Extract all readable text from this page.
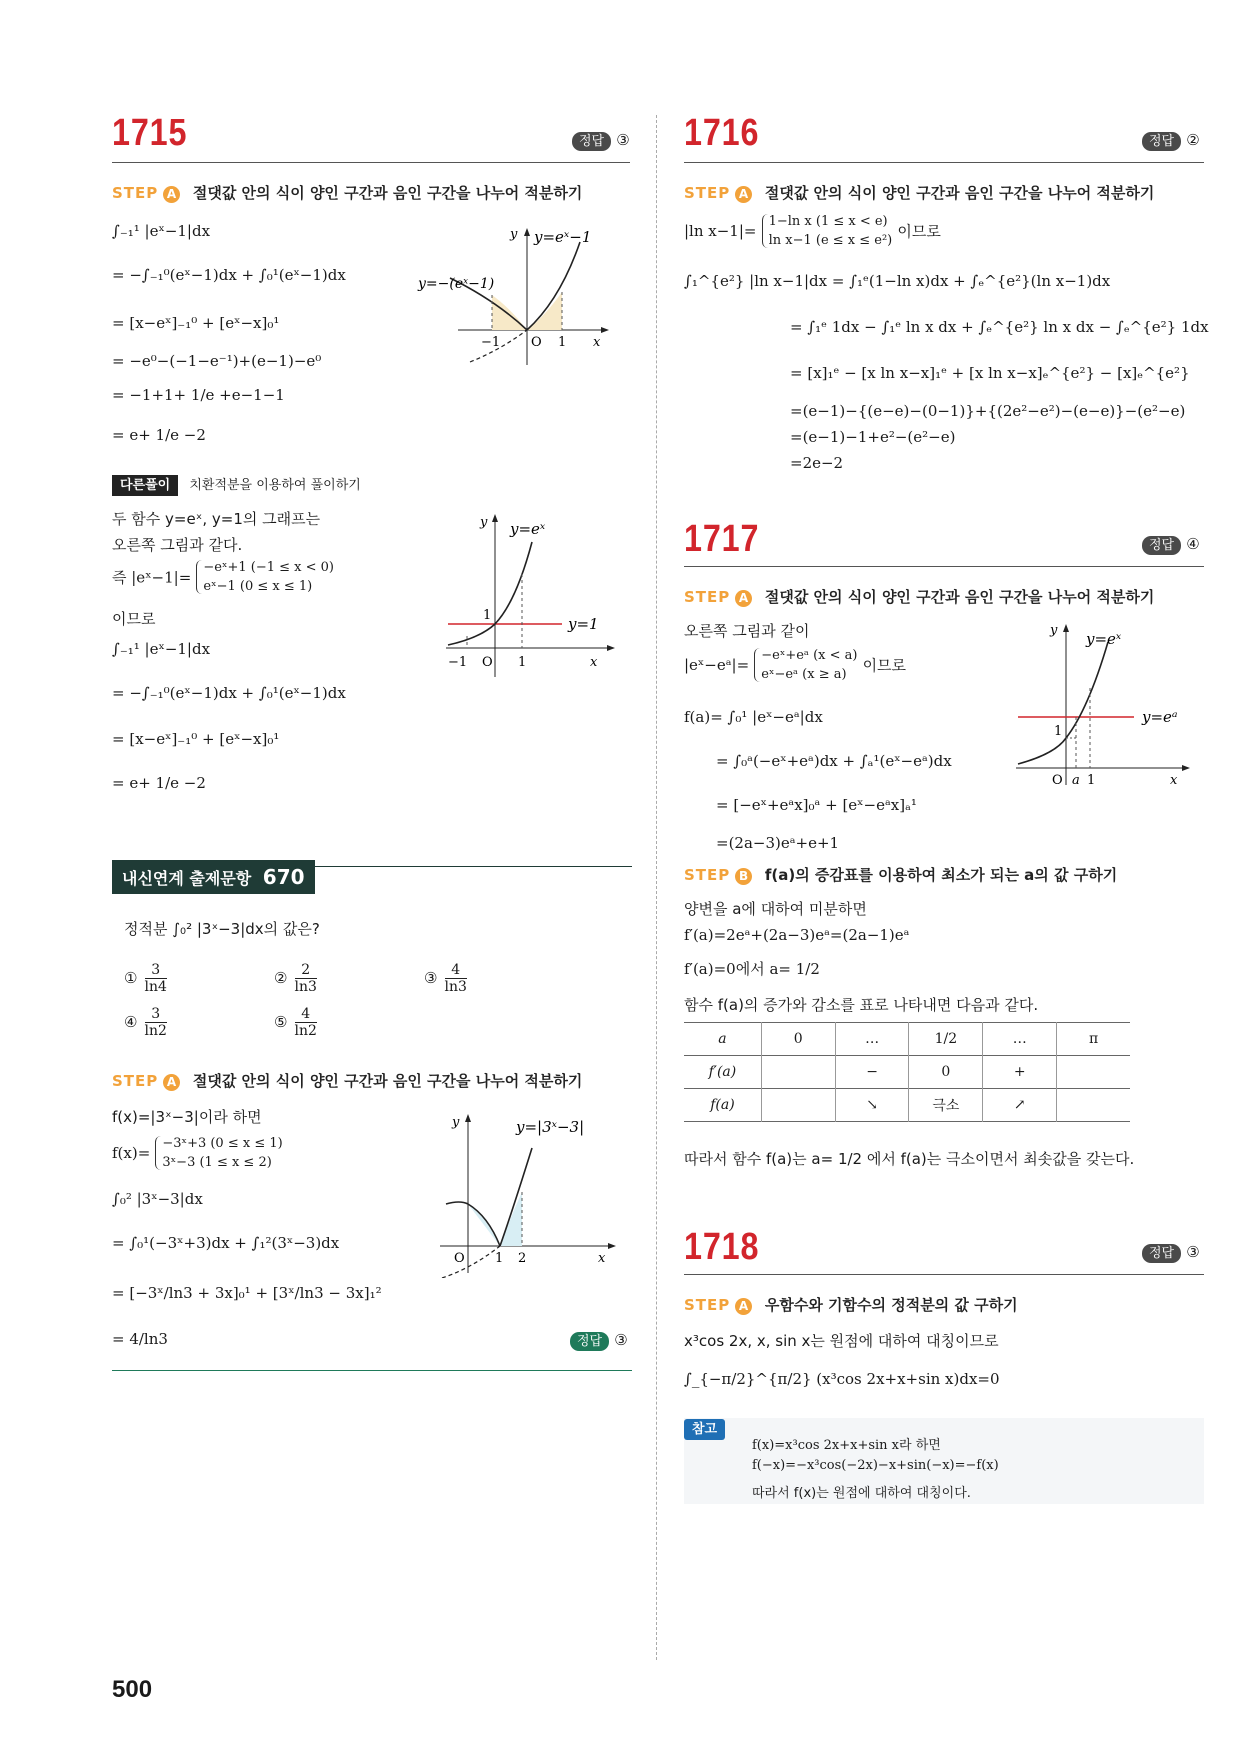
1715	정답 ③
STEP A 절댓값 안의 식이 양인 구간과 음인 구간을 나누어 적분하기
∫₋₁¹ |eˣ−1|dx
= −∫₋₁⁰(eˣ−1)dx + ∫₀¹(eˣ−1)dx
= [x−eˣ]₋₁⁰ + [eˣ−x]₀¹
= −e⁰−(−1−e⁻¹)+(e−1)−e⁰
= −1+1+ 1/e +e−1−1
= e+ 1/e −2
y=eˣ−1
y=−(eˣ−1)
y
x
−1 O 1
다른풀이 치환적분을 이용하여 풀이하기
두 함수 y=eˣ, y=1의 그래프는
오른쪽 그림과 같다.
즉 |eˣ−1|=
−eˣ+1 (−1 ≤ x < 0)
eˣ−1 (0 ≤ x ≤ 1)
이므로
∫₋₁¹ |eˣ−1|dx
= −∫₋₁⁰(eˣ−1)dx + ∫₀¹(eˣ−1)dx
= [x−eˣ]₋₁⁰ + [eˣ−x]₀¹
= e+ 1/e −2
y=eˣ
y=1
y
x
−1 O 1
1
내신연계 출제문항 670
정적분 ∫₀² |3ˣ−3|dx의 값은?
① $\frac{3}{\ln 4}$	② $\frac{2}{\ln 3}$	③ $\frac{4}{\ln 3}$
④ $\frac{3}{\ln 2}$	⑤ $\frac{4}{\ln 2}$
STEP A 절댓값 안의 식이 양인 구간과 음인 구간을 나누어 적분하기
f(x)=|3ˣ−3|이라 하면
f(x)=
−3ˣ+3 (0 ≤ x ≤ 1)
3ˣ−3 (1 ≤ x ≤ 2)
∫₀² |3ˣ−3|dx
= ∫₀¹(−3ˣ+3)dx + ∫₁²(3ˣ−3)dx
= [−3ˣ/ln3 + 3x]₀¹ + [3ˣ/ln3 − 3x]₁²
= 4/ln3	정답 ③
y=|3ˣ−3|
y
x
O 1 2
500
1716	정답 ②
STEP A 절댓값 안의 식이 양인 구간과 음인 구간을 나누어 적분하기
|ln x−1|=
1−ln x (1 ≤ x < e)
ln x−1 (e ≤ x ≤ e²) 이므로
∫₁^{e²} |ln x−1|dx = ∫₁ᵉ(1−ln x)dx + ∫ₑ^{e²}(ln x−1)dx
= ∫₁ᵉ 1dx − ∫₁ᵉ ln x dx + ∫ₑ^{e²} ln x dx − ∫ₑ^{e²} 1dx
= [x]₁ᵉ − [x ln x−x]₁ᵉ + [x ln x−x]ₑ^{e²} − [x]ₑ^{e²}
=(e−1)−{(e−e)−(0−1)}+{(2e²−e²)−(e−e)}−(e²−e)
=(e−1)−1+e²−(e²−e)
=2e−2
1717	정답 ④
STEP A 절댓값 안의 식이 양인 구간과 음인 구간을 나누어 적분하기
오른쪽 그림과 같이
|eˣ−eᵃ|=
−eˣ+eᵃ (x < a)
eˣ−eᵃ (x ≥ a)	이므로
f(a)= ∫₀¹ |eˣ−eᵃ|dx
= ∫₀ᵃ(−eˣ+eᵃ)dx + ∫ₐ¹(eˣ−eᵃ)dx
= [−eˣ+eᵃx]₀ᵃ + [eˣ−eᵃx]ₐ¹
=(2a−3)eᵃ+e+1
y=eˣ
y=eᵃ
y
x
O a 1
1
STEP B f(a)의 증감표를 이용하여 최소가 되는 a의 값 구하기
양변을 a에 대하여 미분하면
f′(a)=2eᵃ+(2a−3)eᵃ=(2a−1)eᵃ
f′(a)=0에서 a= 1/2
함수 f(a)의 증가와 감소를 표로 나타내면 다음과 같다.
a	0	…	1/2	…	π
f′(a)		−	0	+	
f(a)		↘	극소	↗	
따라서 함수 f(a)는 a= 1/2 에서 f(a)는 극소이면서 최솟값을 갖는다.
1718	정답 ③
STEP A 우함수와 기함수의 정적분의 값 구하기
x³cos 2x, x, sin x는 원점에 대하여 대칭이므로
∫_{−π/2}^{π/2} (x³cos 2x+x+sin x)dx=0
참고
f(x)=x³cos 2x+x+sin x라 하면
f(−x)=−x³cos(−2x)−x+sin(−x)=−f(x)
따라서 f(x)는 원점에 대하여 대칭이다.
